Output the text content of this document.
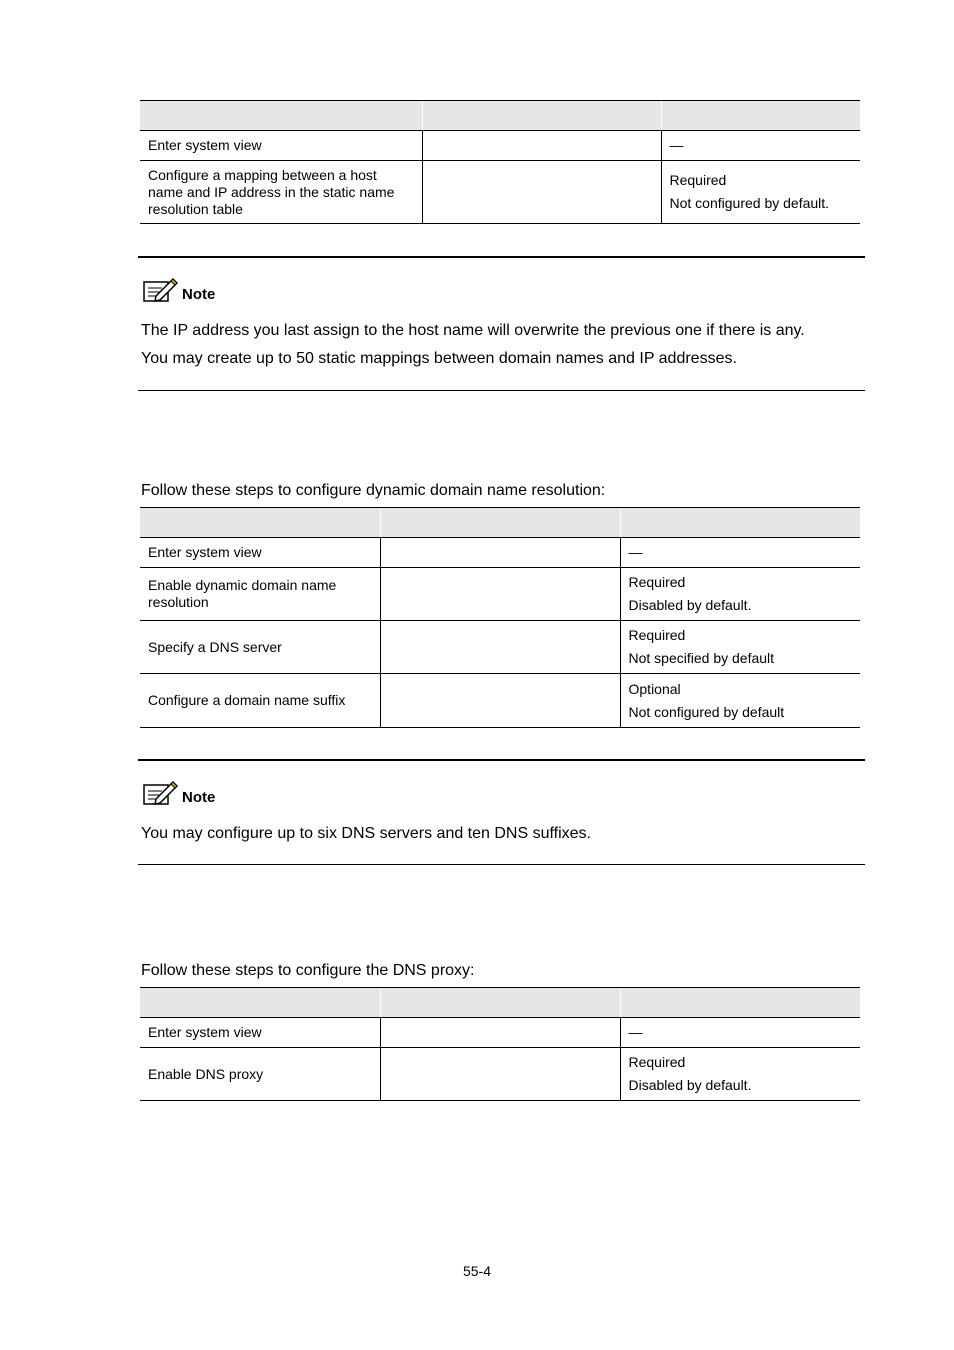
Enter system view		—

Configure a mapping between a host name and IP address in the static name resolution table		Required
Not configured by default.
Note

The IP address you last assign to the host name will overwrite the previous one if there is any.

You may create up to 50 static mappings between domain names and IP addresses.

Follow these steps to configure dynamic domain name resolution:

Enter system view		—

Enable dynamic domain name resolution		Required
Disabled by default.

Specify a DNS server		Required
Not specified by default

Configure a domain name suffix		Optional
Not configured by default
Note

You may configure up to six DNS servers and ten DNS suffixes.

Follow these steps to configure the DNS proxy:

Enter system view		—

Enable DNS proxy		Required
Disabled by default.
55-4
